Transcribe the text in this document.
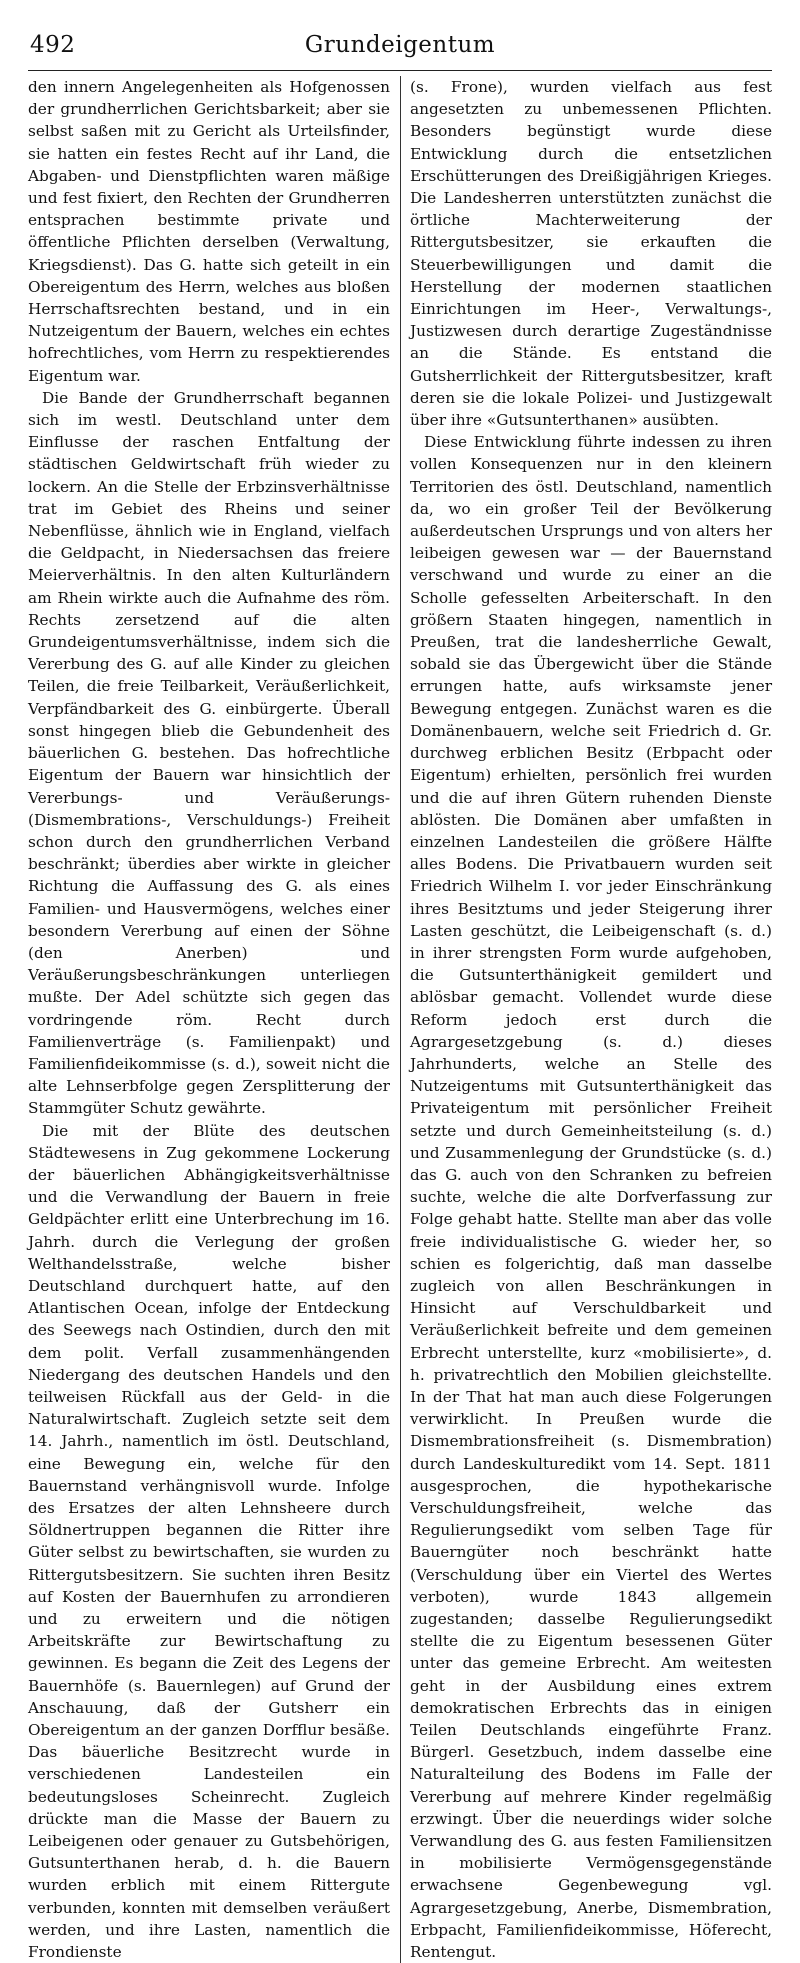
492	Grundeigentum

den innern Angelegenheiten als Hofgenossen der grundherrlichen Gerichtsbarkeit; aber sie selbst saßen mit zu Gericht als Urteilsfinder, sie hatten ein festes Recht auf ihr Land, die Abgaben- und Dienstpflichten waren mäßige und fest fixiert, den Rechten der Grundherren entsprachen bestimmte private und öffentliche Pflichten derselben (Verwaltung, Kriegsdienst). Das G. hatte sich geteilt in ein Obereigentum des Herrn, welches aus bloßen Herrschaftsrechten bestand, und in ein Nutzeigentum der Bauern, welches ein echtes hofrechtliches, vom Herrn zu respektierendes Eigentum war.

Die Bande der Grundherrschaft begannen sich im westl. Deutschland unter dem Einflusse der raschen Entfaltung der städtischen Geldwirtschaft früh wieder zu lockern. An die Stelle der Erbzinsverhältnisse trat im Gebiet des Rheins und seiner Nebenflüsse, ähnlich wie in England, vielfach die Geldpacht, in Niedersachsen das freiere Meierverhältnis. In den alten Kulturländern am Rhein wirkte auch die Aufnahme des röm. Rechts zersetzend auf die alten Grundeigentumsverhältnisse, indem sich die Vererbung des G. auf alle Kinder zu gleichen Teilen, die freie Teilbarkeit, Veräußerlichkeit, Verpfändbarkeit des G. einbürgerte. Überall sonst hingegen blieb die Gebundenheit des bäuerlichen G. bestehen. Das hofrechtliche Eigentum der Bauern war hinsichtlich der Vererbungs- und Veräußerungs- (Dismembrations-, Verschuldungs-) Freiheit schon durch den grundherrlichen Verband beschränkt; überdies aber wirkte in gleicher Richtung die Auffassung des G. als eines Familien- und Hausvermögens, welches einer besondern Vererbung auf einen der Söhne (den Anerben) und Veräußerungsbeschränkungen unterliegen mußte. Der Adel schützte sich gegen das vordringende röm. Recht durch Familienverträge (s. Familienpakt) und Familienfideikommisse (s. d.), soweit nicht die alte Lehnserbfolge gegen Zersplitterung der Stammgüter Schutz gewährte.

Die mit der Blüte des deutschen Städtewesens in Zug gekommene Lockerung der bäuerlichen Abhängigkeitsverhältnisse und die Verwandlung der Bauern in freie Geldpächter erlitt eine Unterbrechung im 16. Jahrh. durch die Verlegung der großen Welthandelsstraße, welche bisher Deutschland durchquert hatte, auf den Atlantischen Ocean, infolge der Entdeckung des Seewegs nach Ostindien, durch den mit dem polit. Verfall zusammenhängenden Niedergang des deutschen Handels und den teilweisen Rückfall aus der Geld- in die Naturalwirtschaft. Zugleich setzte seit dem 14. Jahrh., namentlich im östl. Deutschland, eine Bewegung ein, welche für den Bauernstand verhängnisvoll wurde. Infolge des Ersatzes der alten Lehnsheere durch Söldnertruppen begannen die Ritter ihre Güter selbst zu bewirtschaften, sie wurden zu Rittergutsbesitzern. Sie suchten ihren Besitz auf Kosten der Bauernhufen zu arrondieren und zu erweitern und die nötigen Arbeitskräfte zur Bewirtschaftung zu gewinnen. Es begann die Zeit des Legens der Bauernhöfe (s. Bauernlegen) auf Grund der Anschauung, daß der Gutsherr ein Obereigentum an der ganzen Dorfflur besäße. Das bäuerliche Besitzrecht wurde in verschiedenen Landesteilen ein bedeutungsloses Scheinrecht. Zugleich drückte man die Masse der Bauern zu Leibeigenen oder genauer zu Gutsbehörigen, Gutsunterthanen herab, d. h. die Bauern wurden erblich mit einem Rittergute verbunden, konnten mit demselben veräußert werden, und ihre Lasten, namentlich die Frondienste

(s. Frone), wurden vielfach aus fest angesetzten zu unbemessenen Pflichten. Besonders begünstigt wurde diese Entwicklung durch die entsetzlichen Erschütterungen des Dreißigjährigen Krieges. Die Landesherren unterstützten zunächst die örtliche Machterweiterung der Rittergutsbesitzer, sie erkauften die Steuerbewilligungen und damit die Herstellung der modernen staatlichen Einrichtungen im Heer-, Verwaltungs-, Justizwesen durch derartige Zugeständnisse an die Stände. Es entstand die Gutsherrlichkeit der Rittergutsbesitzer, kraft deren sie die lokale Polizei- und Justizgewalt über ihre «Gutsunterthanen» ausübten.

Diese Entwicklung führte indessen zu ihren vollen Konsequenzen nur in den kleinern Territorien des östl. Deutschland, namentlich da, wo ein großer Teil der Bevölkerung außerdeutschen Ursprungs und von alters her leibeigen gewesen war — der Bauernstand verschwand und wurde zu einer an die Scholle gefesselten Arbeiterschaft. In den größern Staaten hingegen, namentlich in Preußen, trat die landesherrliche Gewalt, sobald sie das Übergewicht über die Stände errungen hatte, aufs wirksamste jener Bewegung entgegen. Zunächst waren es die Domänenbauern, welche seit Friedrich d. Gr. durchweg erblichen Besitz (Erbpacht oder Eigentum) erhielten, persönlich frei wurden und die auf ihren Gütern ruhenden Dienste ablösten. Die Domänen aber umfaßten in einzelnen Landesteilen die größere Hälfte alles Bodens. Die Privatbauern wurden seit Friedrich Wilhelm I. vor jeder Einschränkung ihres Besitztums und jeder Steigerung ihrer Lasten geschützt, die Leibeigenschaft (s. d.) in ihrer strengsten Form wurde aufgehoben, die Gutsunterthänigkeit gemildert und ablösbar gemacht. Vollendet wurde diese Reform jedoch erst durch die Agrargesetzgebung (s. d.) dieses Jahrhunderts, welche an Stelle des Nutzeigentums mit Gutsunterthänigkeit das Privateigentum mit persönlicher Freiheit setzte und durch Gemeinheitsteilung (s. d.) und Zusammenlegung der Grundstücke (s. d.) das G. auch von den Schranken zu befreien suchte, welche die alte Dorfverfassung zur Folge gehabt hatte. Stellte man aber das volle freie individualistische G. wieder her, so schien es folgerichtig, daß man dasselbe zugleich von allen Beschränkungen in Hinsicht auf Verschuldbarkeit und Veräußerlichkeit befreite und dem gemeinen Erbrecht unterstellte, kurz «mobilisierte», d. h. privatrechtlich den Mobilien gleichstellte. In der That hat man auch diese Folgerungen verwirklicht. In Preußen wurde die Dismembrationsfreiheit (s. Dismembration) durch Landeskulturedikt vom 14. Sept. 1811 ausgesprochen, die hypothekarische Verschuldungsfreiheit, welche das Regulierungsedikt vom selben Tage für Bauerngüter noch beschränkt hatte (Verschuldung über ein Viertel des Wertes verboten), wurde 1843 allgemein zugestanden; dasselbe Regulierungsedikt stellte die zu Eigentum besessenen Güter unter das gemeine Erbrecht. Am weitesten geht in der Ausbildung eines extrem demokratischen Erbrechts das in einigen Teilen Deutschlands eingeführte Franz. Bürgerl. Gesetzbuch, indem dasselbe eine Naturalteilung des Bodens im Falle der Vererbung auf mehrere Kinder regelmäßig erzwingt. Über die neuerdings wider solche Verwandlung des G. aus festen Familiensitzen in mobilisierte Vermögensgegenstände erwachsene Gegenbewegung vgl. Agrargesetzgebung, Anerbe, Dismembration, Erbpacht, Familienfideikommisse, Höferecht, Rentengut.
